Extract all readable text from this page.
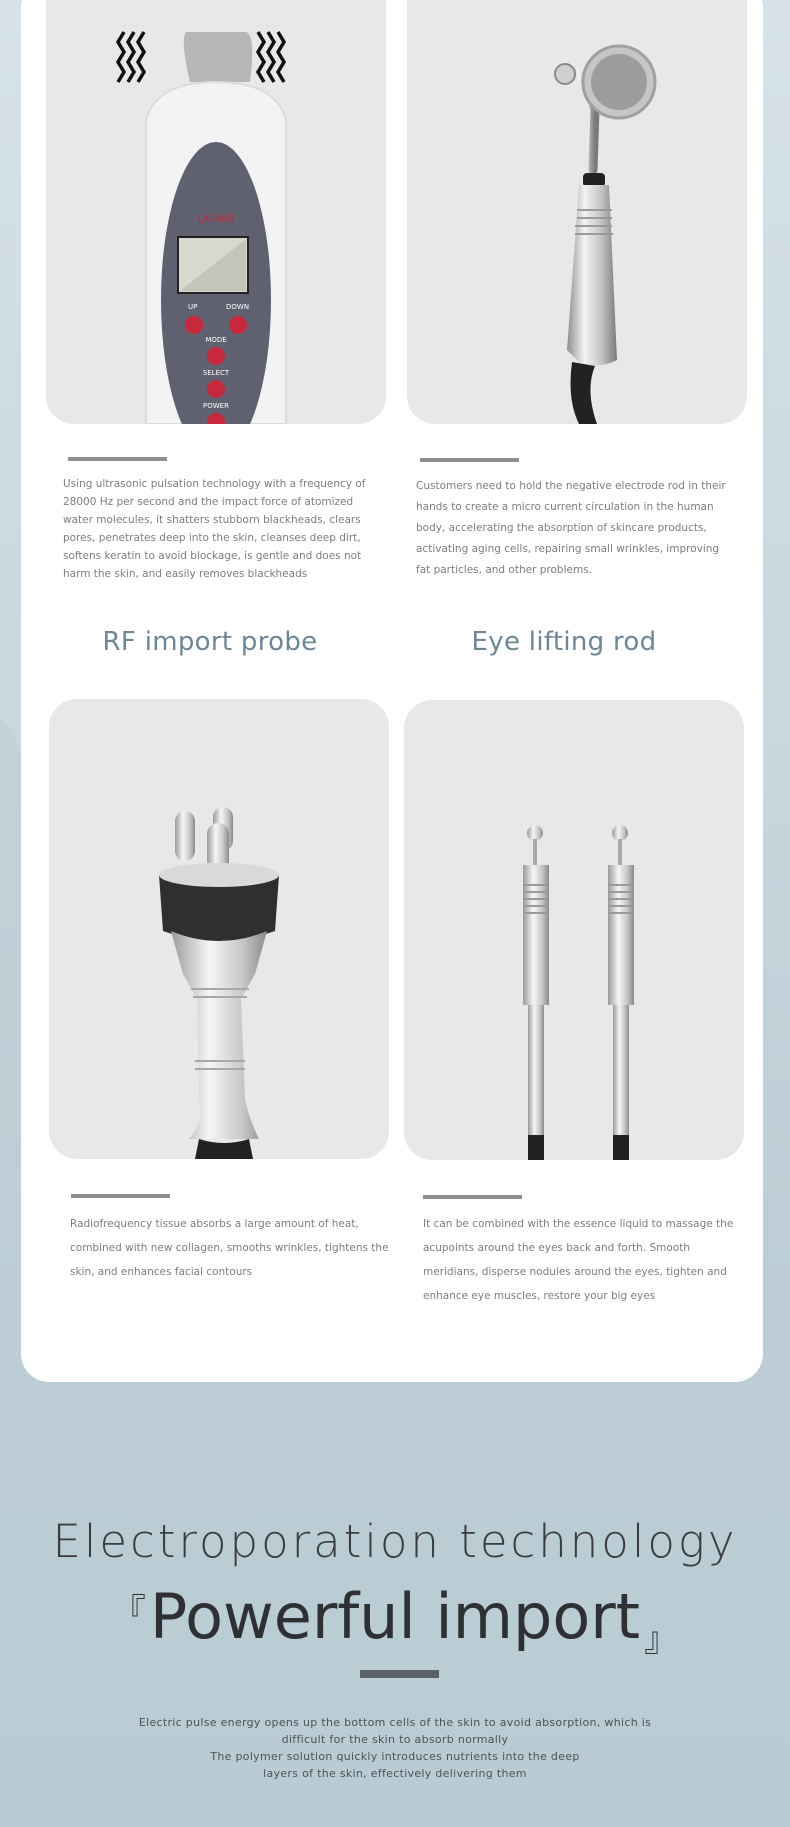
LK-568
UP	DOWN
MODE
SELECT
POWER
Using ultrasonic pulsation technology with a frequency of 28000 Hz per second and the impact force of atomized water molecules, it shatters stubborn blackheads, clears pores, penetrates deep into the skin, cleanses deep dirt, softens keratin to avoid blockage, is gentle and does not harm the skin, and easily removes blackheads
Customers need to hold the negative electrode rod in their hands to create a micro current circulation in the human body, accelerating the absorption of skincare products, activating aging cells, repairing small wrinkles, improving fat particles, and other problems.
RF import probe	Eye lifting rod
Radiofrequency tissue absorbs a large amount of heat, combined with new collagen, smooths wrinkles, tightens the skin, and enhances facial contours
It can be combined with the essence liquid to massage the acupoints around the eyes back and forth. Smooth meridians, disperse nodules around the eyes, tighten and enhance eye muscles, restore your big eyes
Electroporation technology
『Powerful import 』
Electric pulse energy opens up the bottom cells of the skin to avoid absorption, which is
difficult for the skin to absorb normally
The polymer solution quickly introduces nutrients into the deep
layers of the skin, effectively delivering them
